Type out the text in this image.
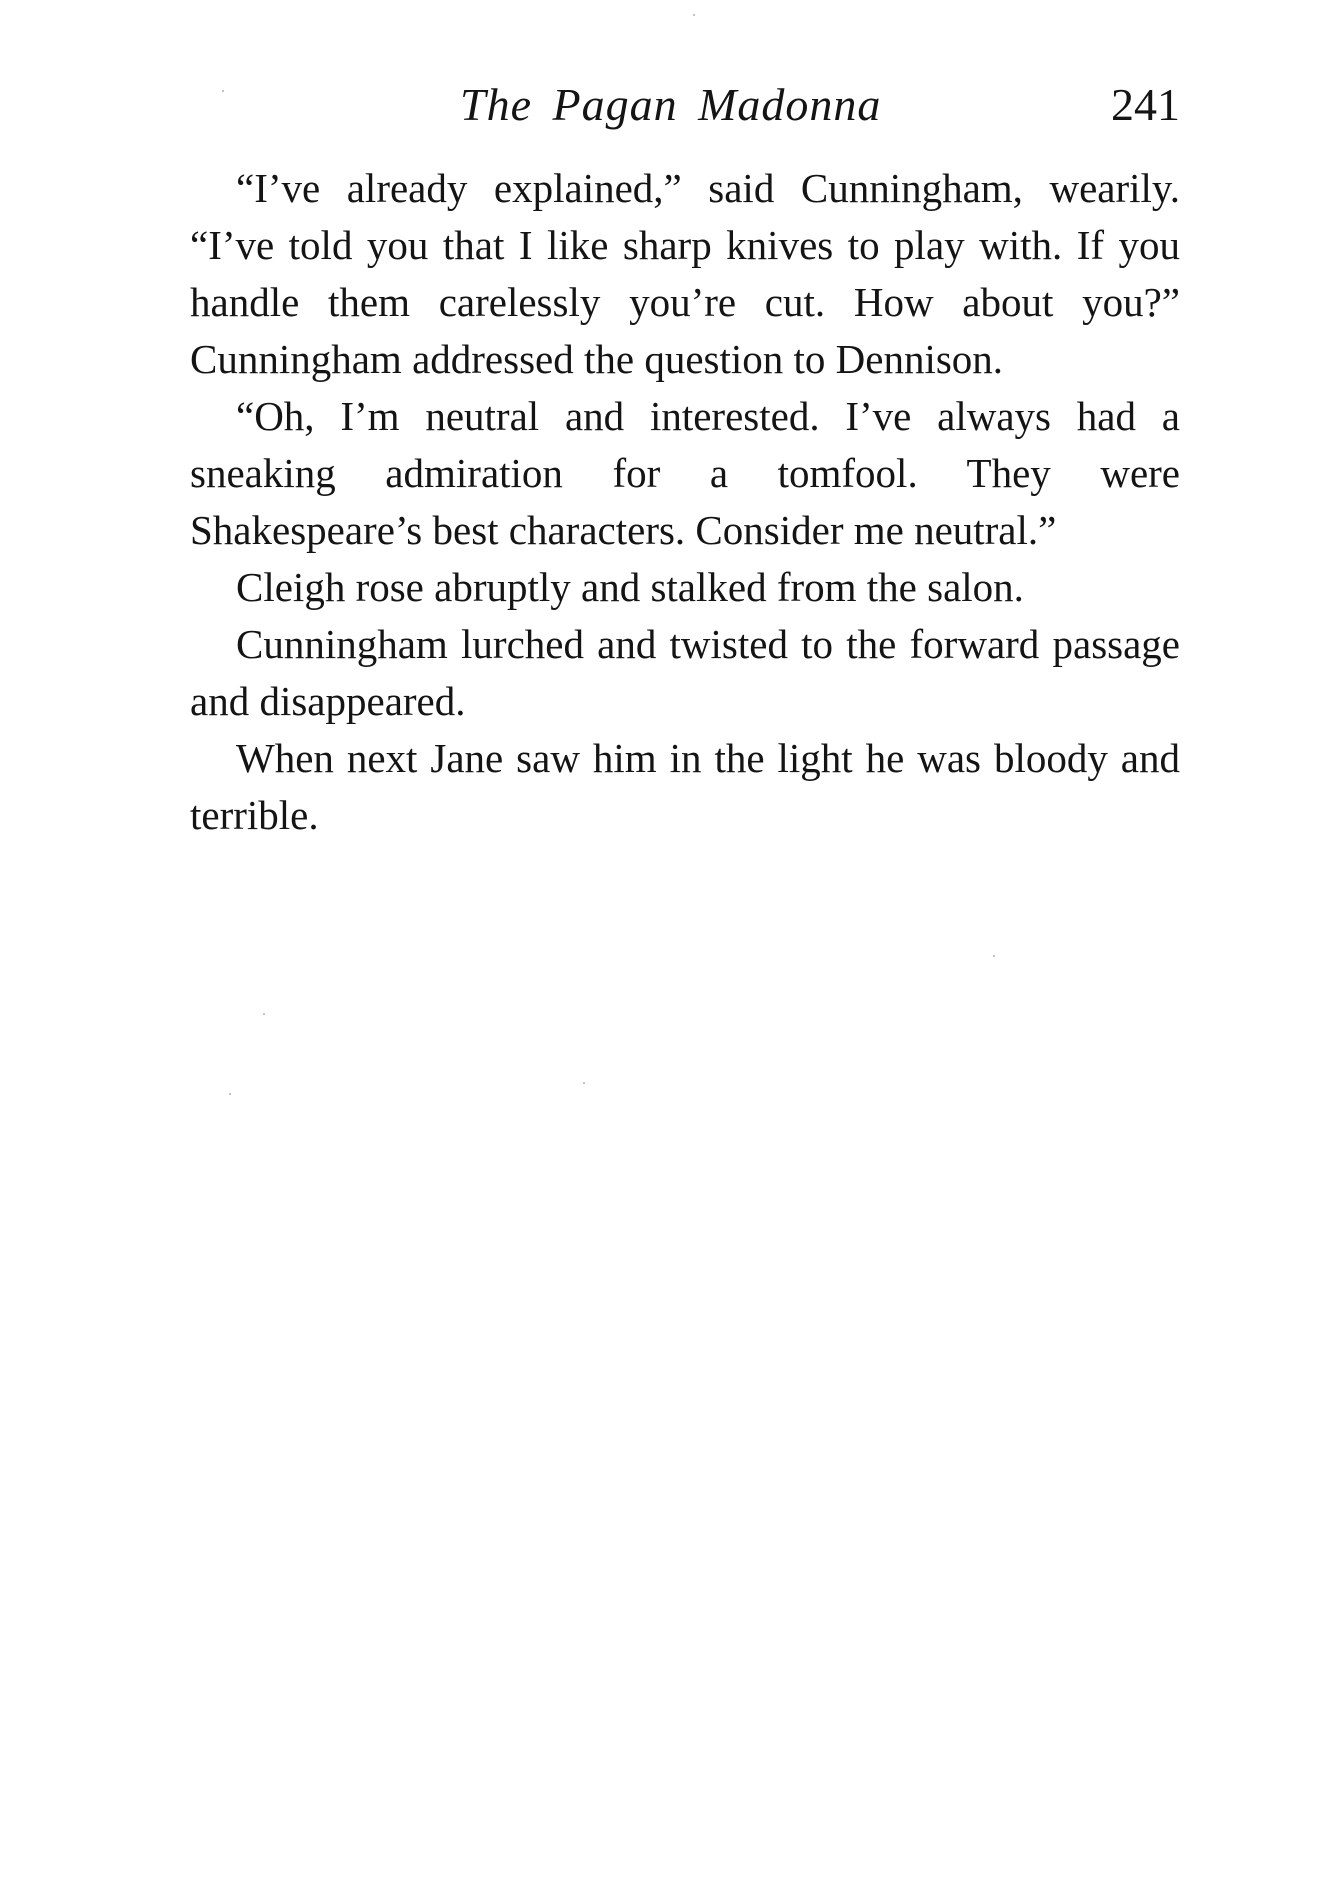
The Pagan Madonna	241

“I’ve already explained,” said Cunningham, wearily. “I’ve told you that I like sharp knives to play with. If you handle them carelessly you’re cut. How about you?” Cunningham addressed the question to Dennison.

“Oh, I’m neutral and interested. I’ve always had a sneaking admiration for a tomfool. They were Shakespeare’s best characters. Consider me neutral.”

Cleigh rose abruptly and stalked from the salon.

Cunningham lurched and twisted to the forward passage and disappeared.

When next Jane saw him in the light he was bloody and terrible.
